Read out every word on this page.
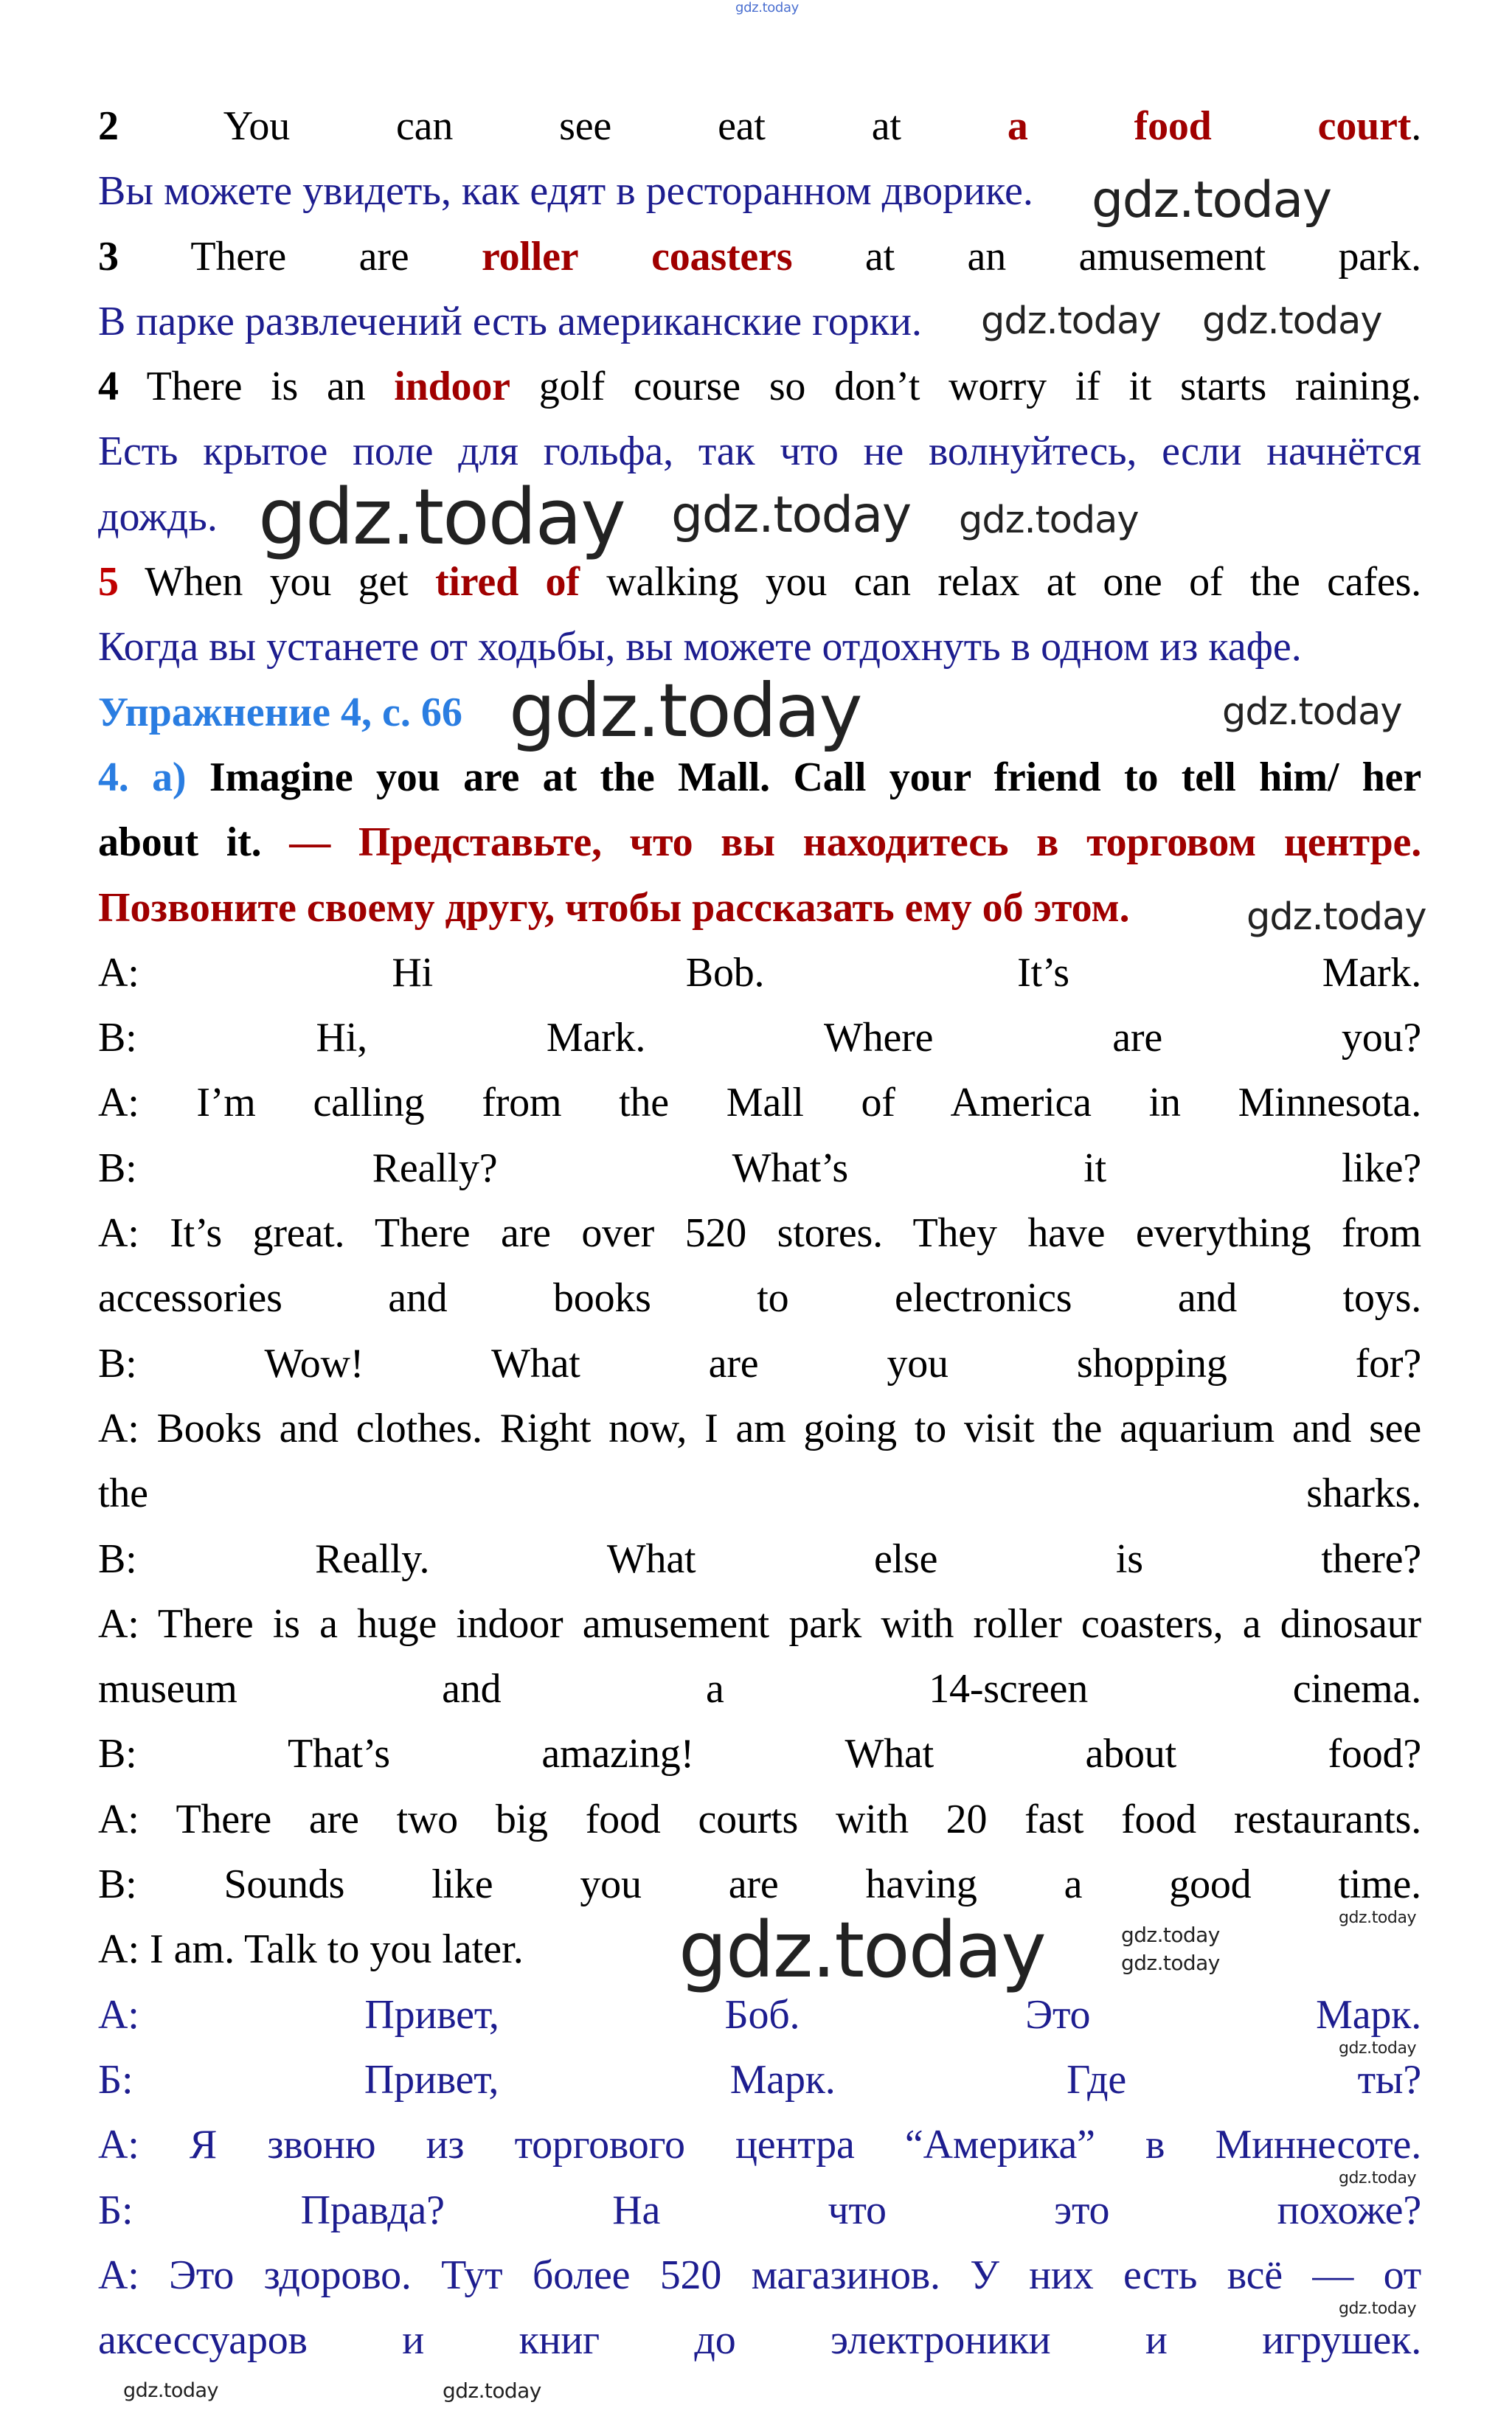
2 You can see eat at a food	court.
Вы можете увидеть, как едят в ресторанном дворике.
3 There are roller coasters at an amusement park.
В парке развлечений есть американские горки.
4 There is an indoor golf course so don’t worry if it starts raining.
Есть крытое поле для гольфа, так что не волнуйтесь, если начнётся
дождь.
5 When you get tired of walking you can relax at one of the cafes.
Когда вы устанете от ходьбы, вы можете отдохнуть в одном из кафе.
Упражнение 4, с. 66
4. a) Imagine you are at the Mall. Call your friend to tell him/ her
about it. — Представьте, что вы находитесь в торговом центре.
Позвоните своему другу, чтобы рассказать ему об этом.
A: Hi Bob. It’s Mark.
B: Hi, Mark. Where are you?
A: I’m calling from the Mall of America in Minnesota.
B: Really? What’s it like?
A: It’s great. There are over 520 stores. They have everything from
accessories and books to electronics and toys.
B: Wow! What are you shopping for?
A: Books and clothes. Right now, I am going to visit the aquarium and see
the sharks.
B: Really. What else is there?
A: There is a huge indoor amusement park with roller coasters, a dinosaur
museum and a 14-screen cinema.
B: That’s amazing! What about food?
A: There are two big food courts with 20 fast food restaurants.
B: Sounds like you are having a good time.
A: I am. Talk to you later.
А: Привет, Боб. Это Марк.
Б: Привет, Марк. Где ты?
А: Я звоню из торгового центра “Америка” в Миннесоте.
Б: Правда? На что это похоже?
А: Это здорово. Тут более 520 магазинов. У них есть всё — от
аксессуаров и книг до электроники и игрушек.
gdz.today
gdz.today
gdz.today gdz.today
gdz.today
gdz.today
gdz.today
gdz.today
gdz.today
gdz.today
gdz.today
gdz.today
gdz.today	gdz.today
gdz.today
gdz.today
gdz.today
gdz.today
gdz.today
